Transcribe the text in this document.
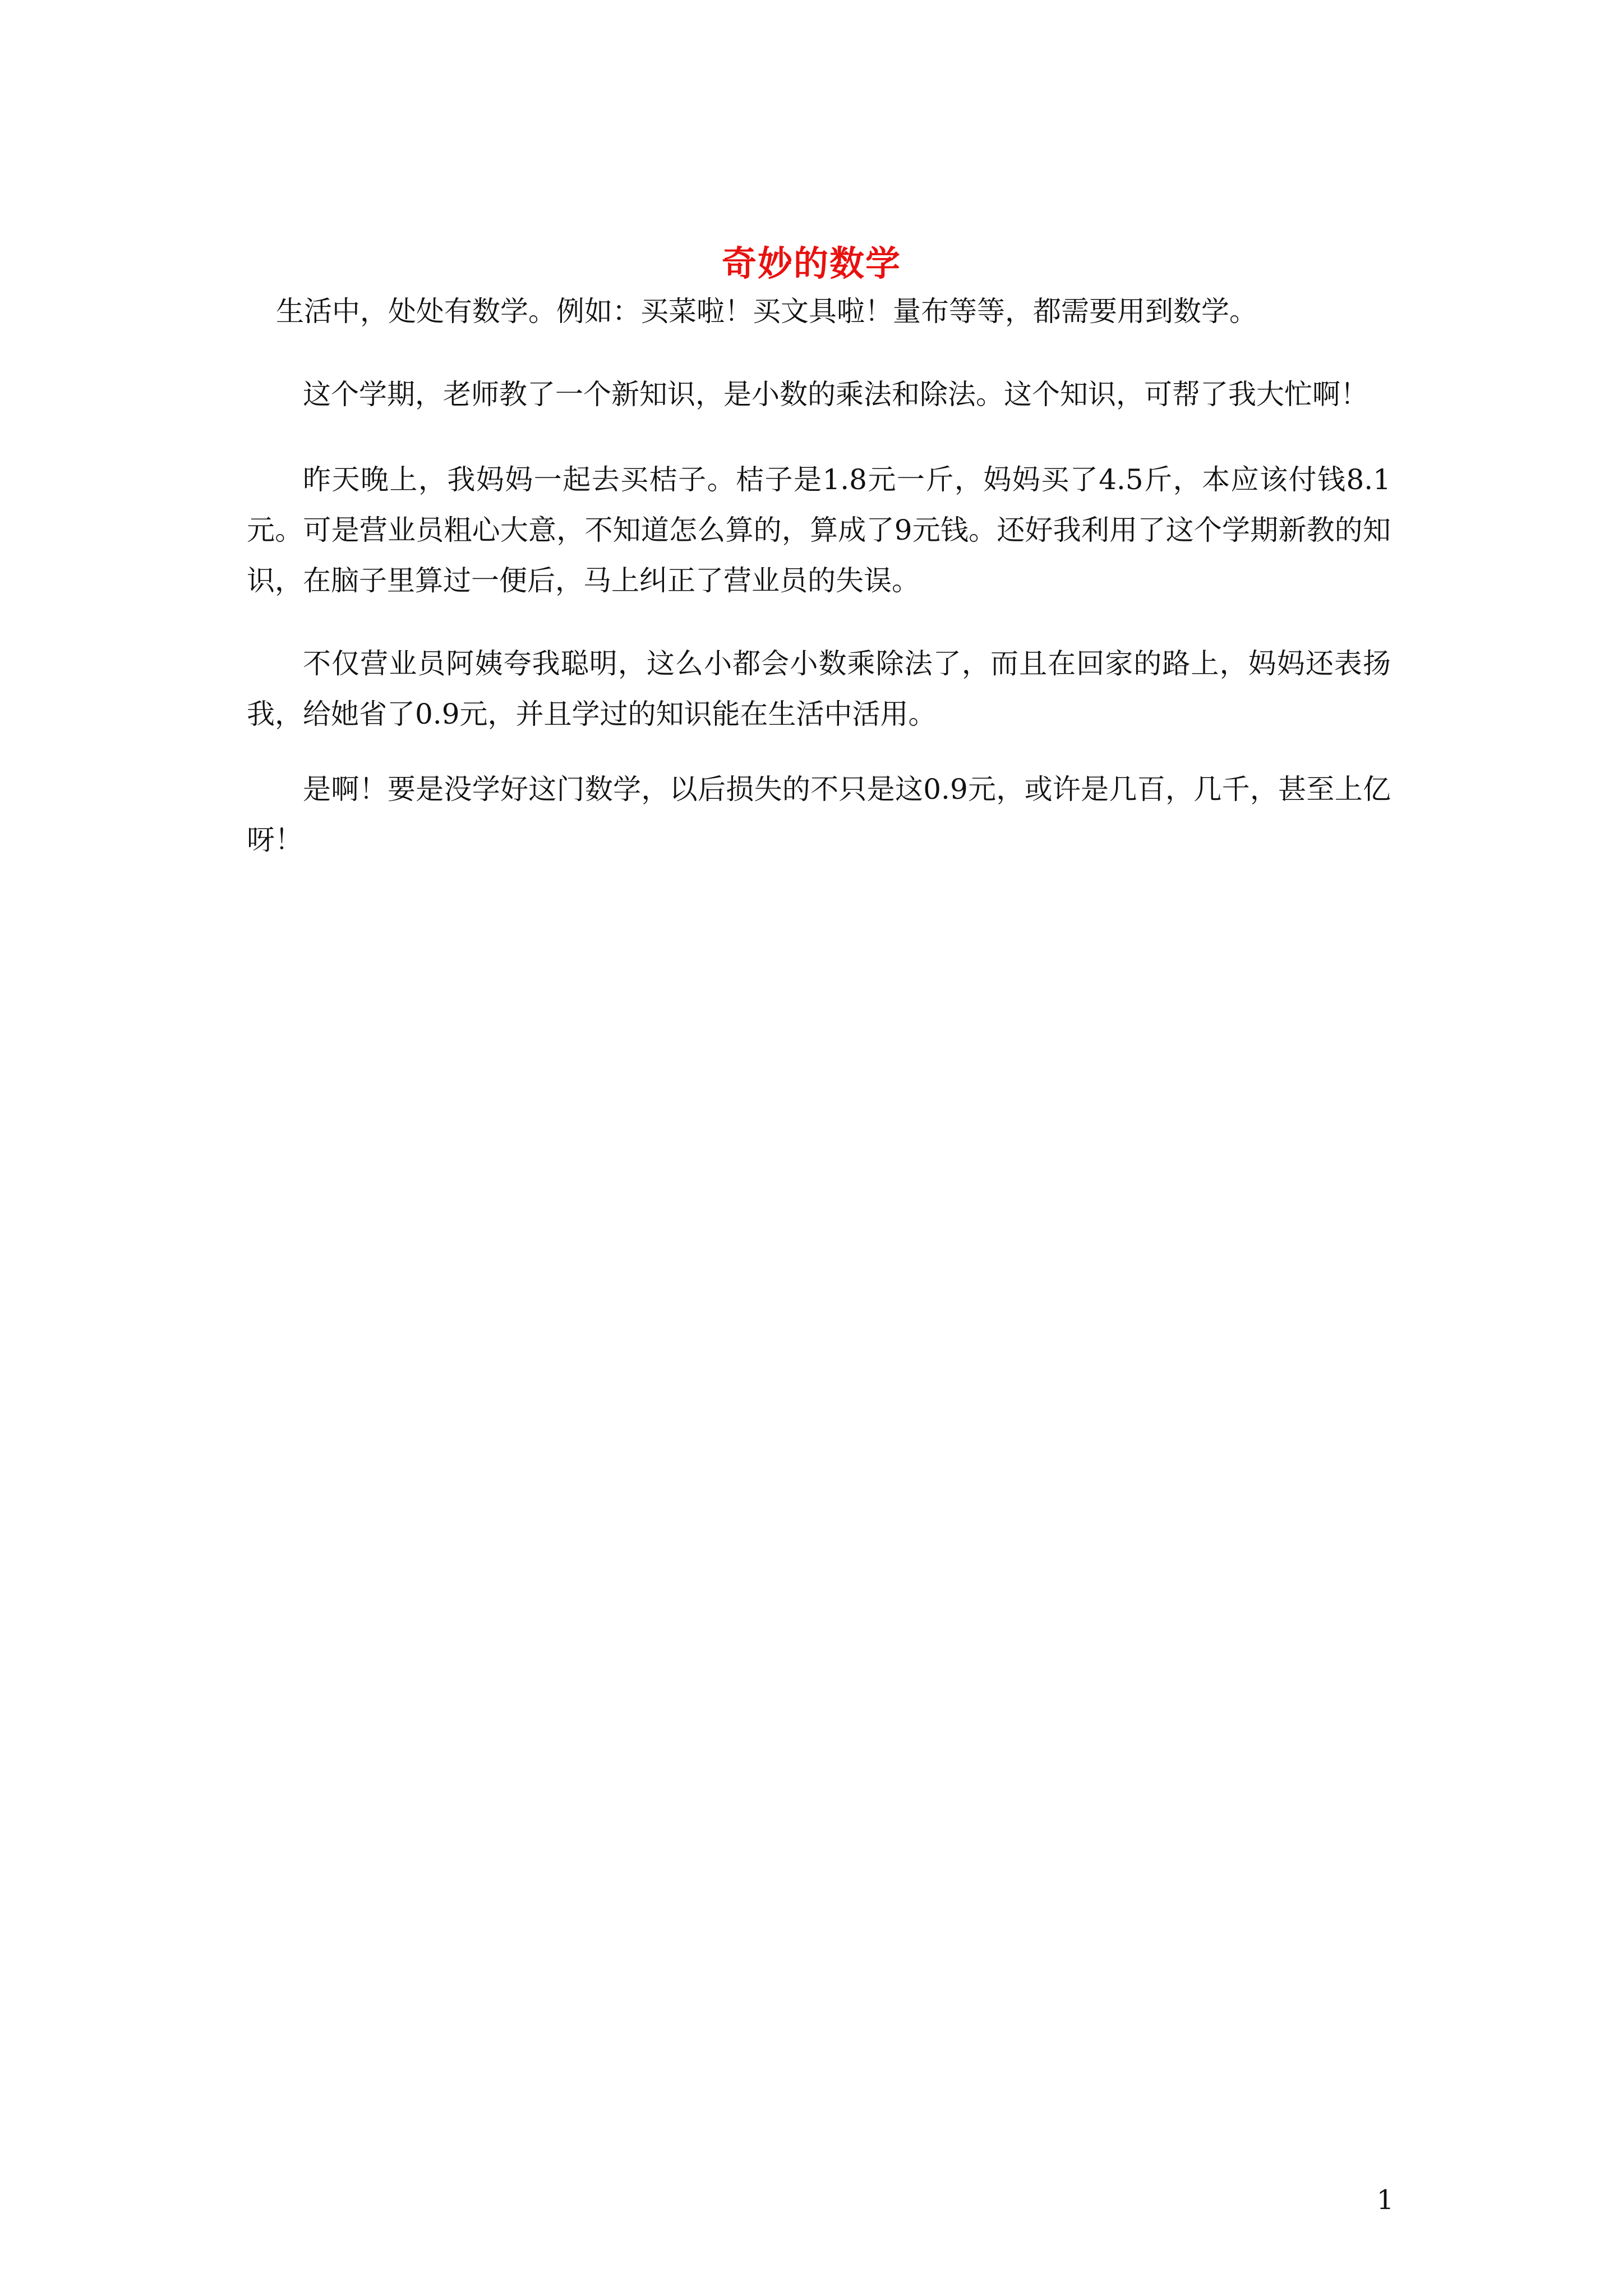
奇妙的数学

生活中，处处有数学。例如：买菜啦！买文具啦！量布等等，都需要用到数学。

这个学期，老师教了一个新知识，是小数的乘法和除法。这个知识，可帮了我大忙啊！

昨天晚上，我妈妈一起去买桔子。桔子是1.8元一斤，妈妈买了4.5斤，本应该付钱8.1元。可是营业员粗心大意，不知道怎么算的，算成了9元钱。还好我利用了这个学期新教的知识，在脑子里算过一便后，马上纠正了营业员的失误。

不仅营业员阿姨夸我聪明，这么小都会小数乘除法了，而且在回家的路上，妈妈还表扬我，给她省了0.9元，并且学过的知识能在生活中活用。

是啊！要是没学好这门数学，以后损失的不只是这0.9元，或许是几百，几千，甚至上亿呀！

1
